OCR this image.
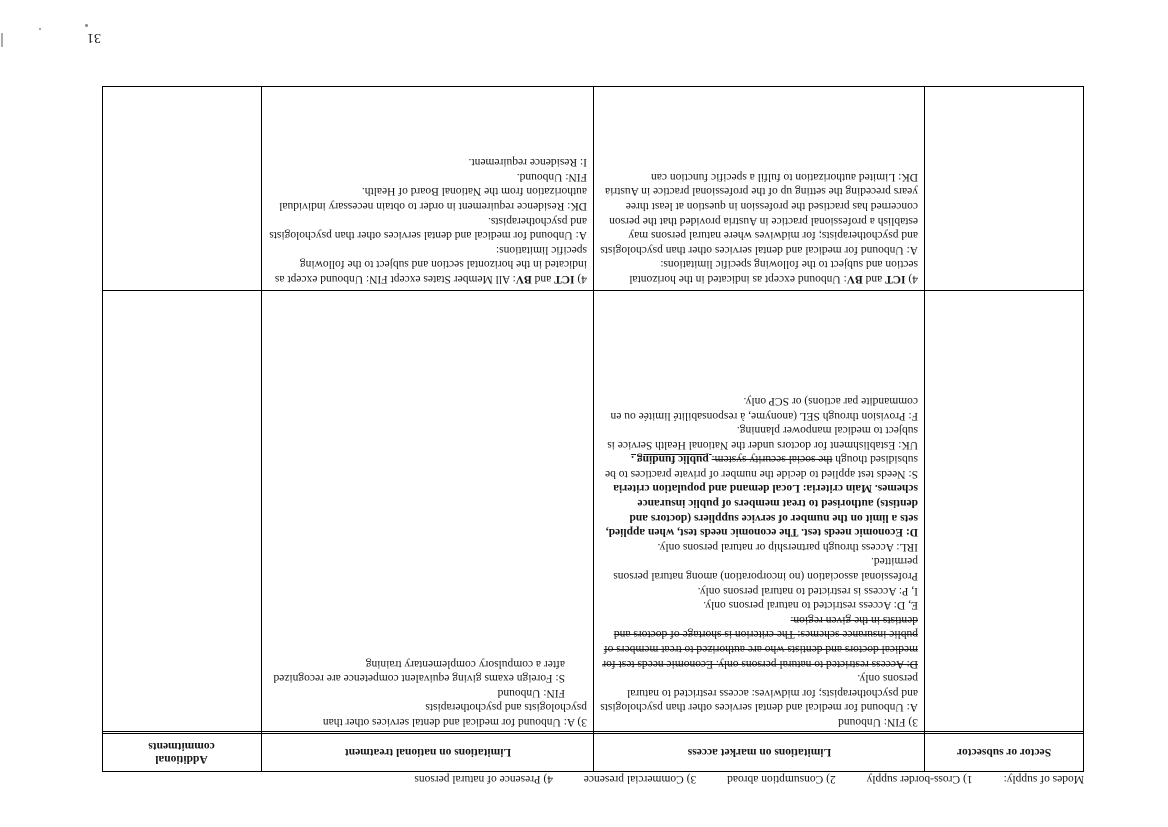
31
Modes of supply: 1) Cross-border supply 2) Consumption abroad 3) Commercial presence 4) Presence of natural persons
Sector or subsector
Limitations on market access
Limitations on national treatment
Additional commitments

3) FIN: Unbound

A: Unbound for medical and dental services other than psychologists and psychotherapists; for midwives: access restricted to natural persons only.

D: Access restricted to natural persons only. Economic needs test for medical doctors and dentists who are authorized to treat members of public insurance schemes: The criterion is shortage of doctors and dentists in the given region.

E, D: Access restricted to natural persons only.

I, P: Access is restricted to natural persons only.

Professional association (no incorporation) among natural persons permitted.

IRL: Access through partnership or natural persons only.

D: Economic needs test. The economic needs test, when applied, sets a limit on the number of service suppliers (doctors and dentists) authorised to treat members of public insurance schemes. Main criteria: Local demand and population criteria

S: Needs test applied to decide the number of private practices to be subsidised though the social security system. public funding .

UK: Establishment for doctors under the National Health Service is subject to medical manpower planning.

F: Provision through SEL (anonyme, à responsabilité limitée ou en commandite par actions) or SCP only.

3) A: Unbound for medical and dental services other than psychologists and psychotherapists

FIN: Unbound

S: Foreign exams giving equivalent competence are recognized after a compulsory complementary training

4) ICT and BV: Unbound except as indicated in the horizontal section and subject to the following specific limitations:

A: Unbound for medical and dental services other than psychologists and psychotherapists; for midwives where natural persons may establish a professional practice in Austria provided that the person concerned has practised the profession in question at least three years preceding the setting up of the professional practice in Austria

DK: Limited authorization to fulfil a specific function can

4) ICT and BV: All Member States except FIN: Unbound except as indicated in the horizontal section and subject to the following specific limitations:

A: Unbound for medical and dental services other than psychologists and psychotherapists.

DK: Residence requirement in order to obtain necessary individual authorization from the National Board of Health.

FIN: Unbound.

I: Residence requirement.
